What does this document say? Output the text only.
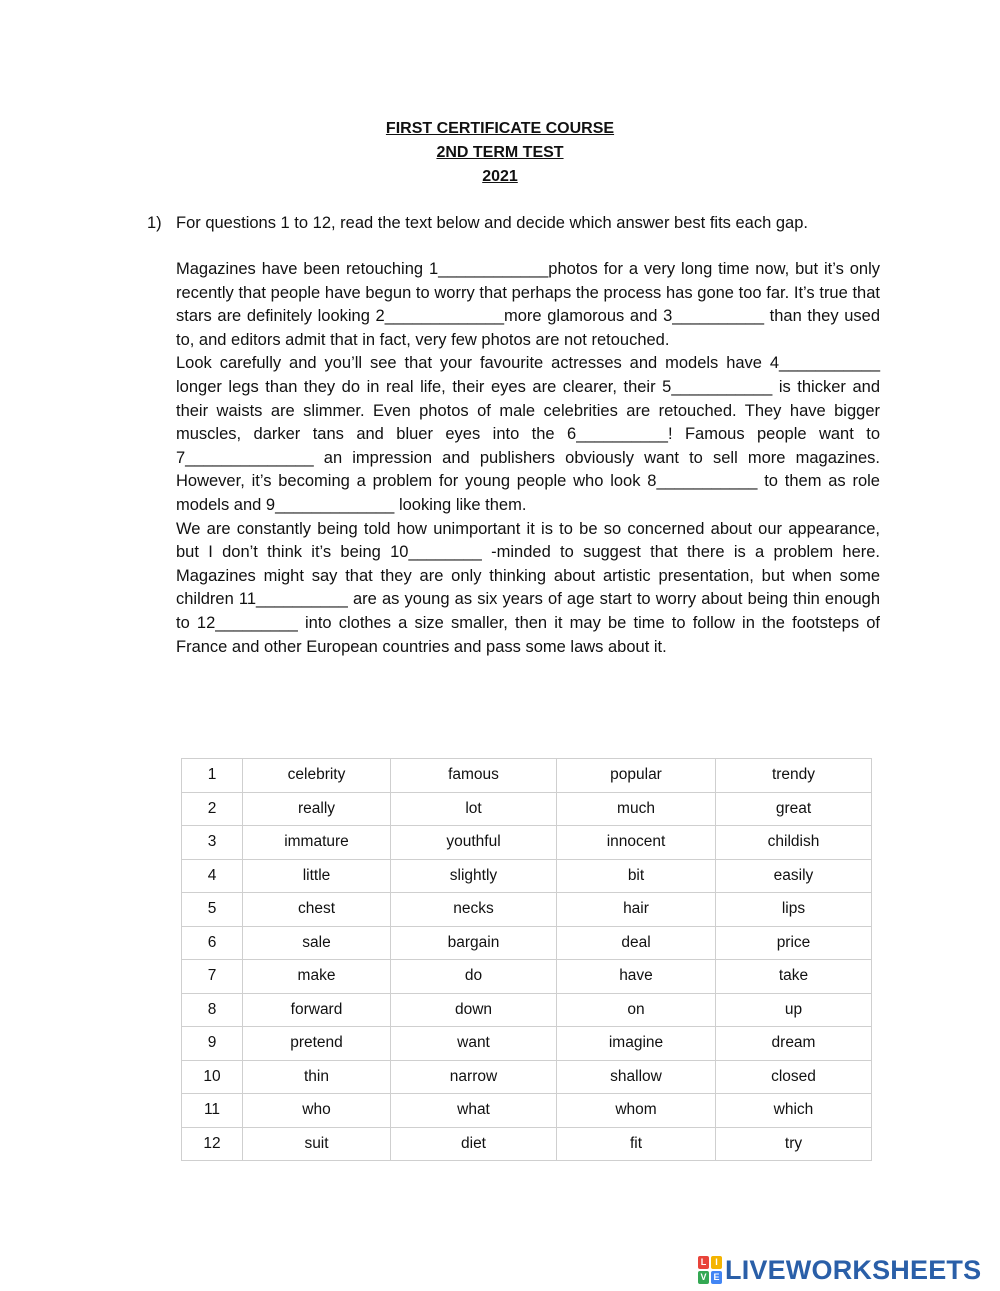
FIRST CERTIFICATE COURSE
2ND TERM TEST
2021
1) For questions 1 to 12, read the text below and decide which answer best fits each gap.

Magazines have been retouching 1____________photos for a very long time now, but it’s only recently that people have begun to worry that perhaps the process has gone too far. It’s true that stars are definitely looking 2_____________more glamorous and 3__________ than they used to, and editors admit that in fact, very few photos are not retouched.

Look carefully and you’ll see that your favourite actresses and models have 4___________ longer legs than they do in real life, their eyes are clearer, their 5___________ is thicker and their waists are slimmer. Even photos of male celebrities are retouched. They have bigger muscles, darker tans and bluer eyes into the 6__________! Famous people want to 7______________ an impression and publishers obviously want to sell more magazines. However, it’s becoming a problem for young people who look 8___________ to them as role models and 9_____________ looking like them.

We are constantly being told how unimportant it is to be so concerned about our appearance, but I don’t think it’s being 10________ -minded to suggest that there is a problem here. Magazines might say that they are only thinking about artistic presentation, but when some children 11__________ are as young as six years of age start to worry about being thin enough to 12_________ into clothes a size smaller, then it may be time to follow in the footsteps of France and other European countries and pass some laws about it.

1	celebrity	famous	popular	trendy
2	really	lot	much	great
3	immature	youthful	innocent	childish
4	little	slightly	bit	easily
5	chest	necks	hair	lips
6	sale	bargain	deal	price
7	make	do	have	take
8	forward	down	on	up
9	pretend	want	imagine	dream
10	thin	narrow	shallow	closed
11	who	what	whom	which
12	suit	diet	fit	try
L I
V E LIVEWORKSHEETS
